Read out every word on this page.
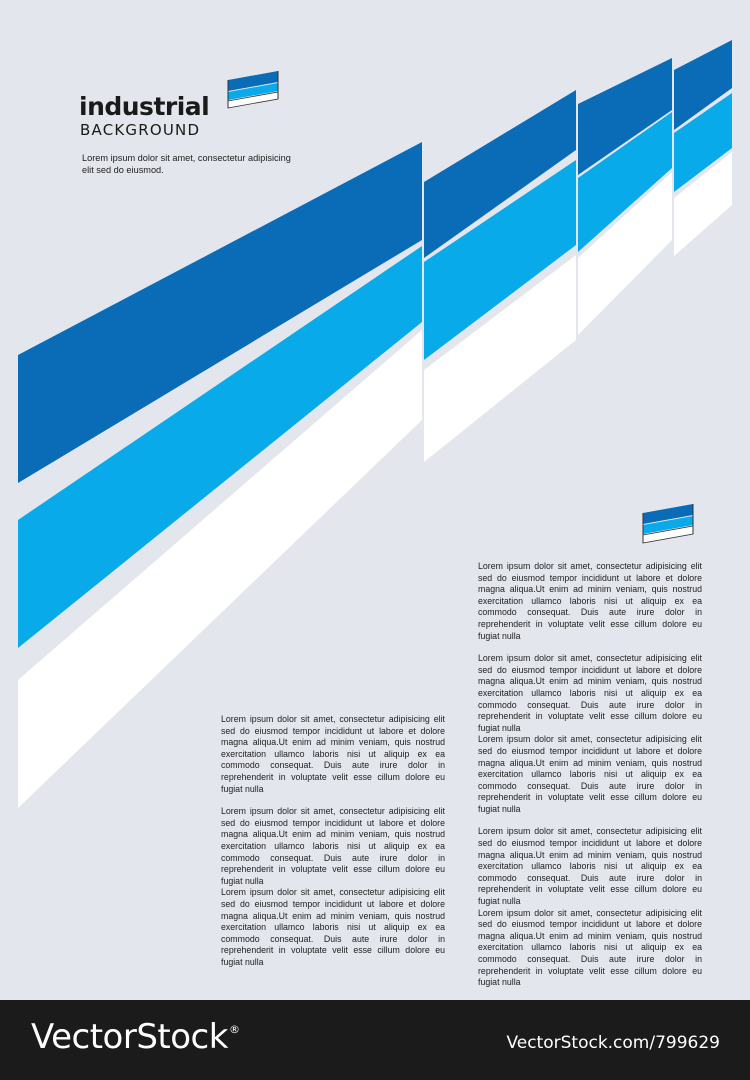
industrial
BACKGROUND
Lorem ipsum dolor sit amet, consectetur adipisicing elit sed do eiusmod.

Lorem ipsum dolor sit amet, consectetur adipisicing elit sed do eiusmod tempor incididunt ut labore et dolore magna aliqua.Ut enim ad minim veniam, quis nostrud exercitation ullamco laboris nisi ut aliquip ex ea commodo consequat. Duis aute irure dolor in reprehenderit in voluptate velit esse cillum dolore eu fugiat nulla

Lorem ipsum dolor sit amet, consectetur adipisicing elit sed do eiusmod tempor incididunt ut labore et dolore magna aliqua.Ut enim ad minim veniam, quis nostrud exercitation ullamco laboris nisi ut aliquip ex ea commodo consequat. Duis aute irure dolor in reprehenderit in voluptate velit esse cillum dolore eu fugiat nulla

Lorem ipsum dolor sit amet, consectetur adipisicing elit sed do eiusmod tempor incididunt ut labore et dolore magna aliqua.Ut enim ad minim veniam, quis nostrud exercitation ullamco laboris nisi ut aliquip ex ea commodo consequat. Duis aute irure dolor in reprehenderit in voluptate velit esse cillum dolore eu fugiat nulla

Lorem ipsum dolor sit amet, consectetur adipisicing elit sed do eiusmod tempor incididunt ut labore et dolore magna aliqua.Ut enim ad minim veniam, quis nostrud exercitation ullamco laboris nisi ut aliquip ex ea commodo consequat. Duis aute irure dolor in reprehenderit in voluptate velit esse cillum dolore eu fugiat nulla

Lorem ipsum dolor sit amet, consectetur adipisicing elit sed do eiusmod tempor incididunt ut labore et dolore magna aliqua.Ut enim ad minim veniam, quis nostrud exercitation ullamco laboris nisi ut aliquip ex ea commodo consequat. Duis aute irure dolor in reprehenderit in voluptate velit esse cillum dolore eu fugiat nulla

Lorem ipsum dolor sit amet, consectetur adipisicing elit sed do eiusmod tempor incididunt ut labore et dolore magna aliqua.Ut enim ad minim veniam, quis nostrud exercitation ullamco laboris nisi ut aliquip ex ea commodo consequat. Duis aute irure dolor in reprehenderit in voluptate velit esse cillum dolore eu fugiat nulla

Lorem ipsum dolor sit amet, consectetur adipisicing elit sed do eiusmod tempor incididunt ut labore et dolore magna aliqua.Ut enim ad minim veniam, quis nostrud exercitation ullamco laboris nisi ut aliquip ex ea commodo consequat. Duis aute irure dolor in reprehenderit in voluptate velit esse cillum dolore eu fugiat nulla

Lorem ipsum dolor sit amet, consectetur adipisicing elit sed do eiusmod tempor incididunt ut labore et dolore magna aliqua.Ut enim ad minim veniam, quis nostrud exercitation ullamco laboris nisi ut aliquip ex ea commodo consequat. Duis aute irure dolor in reprehenderit in voluptate velit esse cillum dolore eu fugiat nulla

VectorStock®
VectorStock.com/799629
